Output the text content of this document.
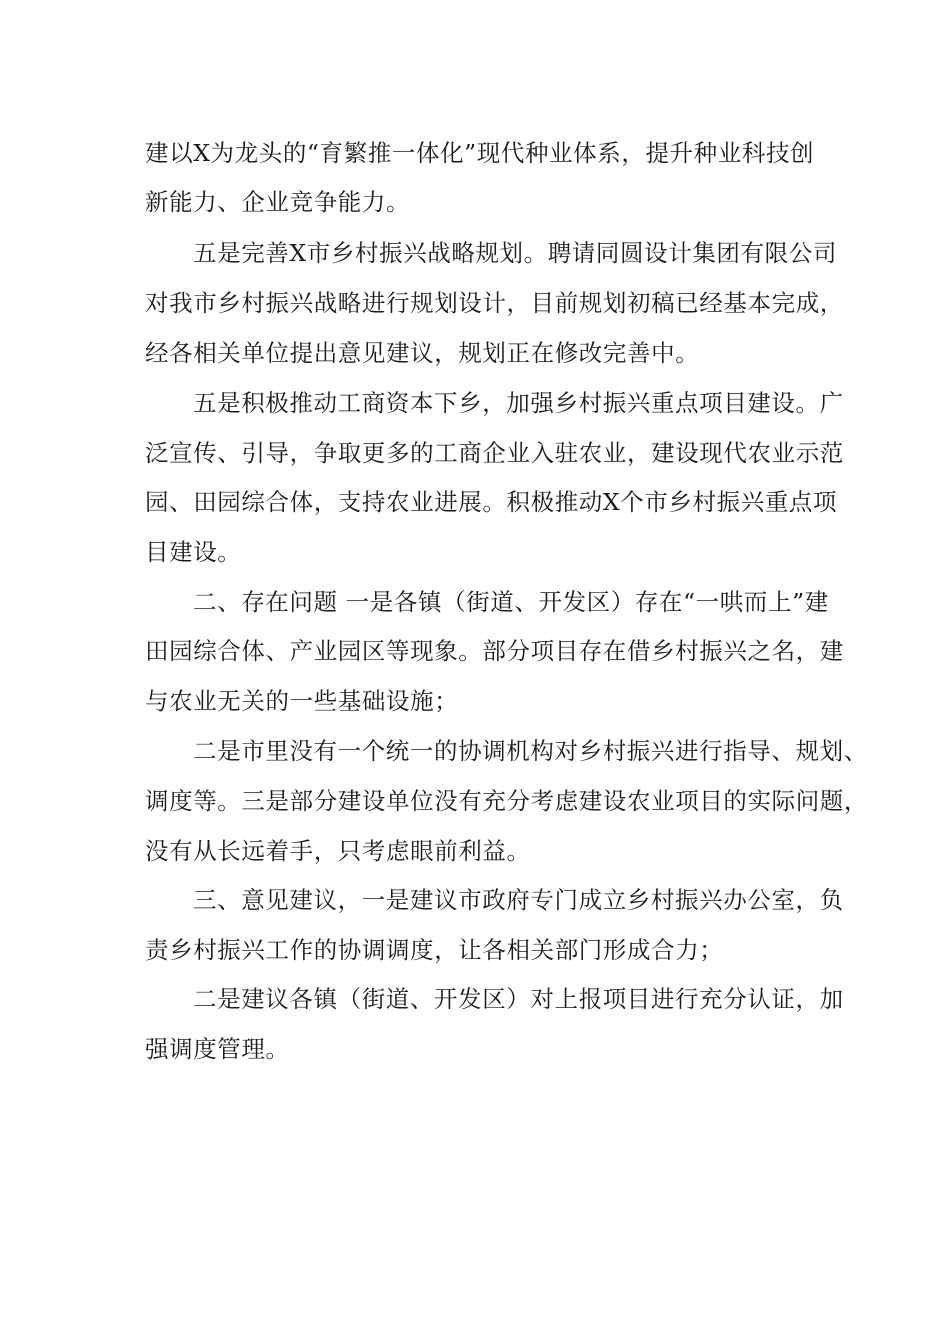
建以X为龙头的“育繁推一体化”现代种业体系，提升种业科技创

新能力、企业竞争能力。

五是完善X市乡村振兴战略规划。聘请同圆设计集团有限公司

对我市乡村振兴战略进行规划设计，目前规划初稿已经基本完成，

经各相关单位提出意见建议，规划正在修改完善中。

五是积极推动工商资本下乡，加强乡村振兴重点项目建设。广

泛宣传、引导，争取更多的工商企业入驻农业，建设现代农业示范

园、田园综合体，支持农业进展。积极推动X个市乡村振兴重点项

目建设。

二、存在问题 一是各镇（街道、开发区）存在“一哄而上”建

田园综合体、产业园区等现象。部分项目存在借乡村振兴之名，建

与农业无关的一些基础设施；

二是市里没有一个统一的协调机构对乡村振兴进行指导、规划、

调度等。三是部分建设单位没有充分考虑建设农业项目的实际问题，

没有从长远着手，只考虑眼前利益。

三、意见建议，一是建议市政府专门成立乡村振兴办公室，负

责乡村振兴工作的协调调度，让各相关部门形成合力；

二是建议各镇（街道、开发区）对上报项目进行充分认证，加

强调度管理。
